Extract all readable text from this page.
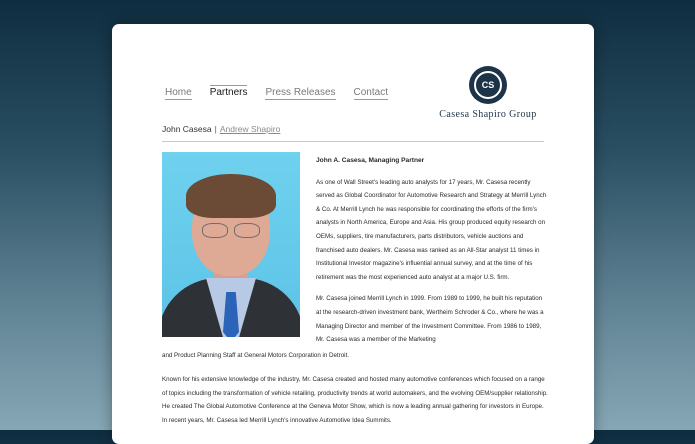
Home Partners Press Releases Contact
CS
Casesa Shapiro Group
John Casesa | Andrew Shapiro

John A. Casesa, Managing Partner

As one of Wall Street's leading auto analysts for 17 years, Mr. Casesa recently served as Global Coordinator for Automotive Research and Strategy at Merrill Lynch & Co. At Merrill Lynch he was responsible for coordinating the efforts of the firm's analysts in North America, Europe and Asia. His group produced equity research on OEMs, suppliers, tire manufacturers, parts distributors, vehicle auctions and franchised auto dealers. Mr. Casesa was ranked as an All-Star analyst 11 times in Institutional Investor magazine's influential annual survey, and at the time of his retirement was the most experienced auto analyst at a major U.S. firm.

Mr. Casesa joined Merrill Lynch in 1999. From 1989 to 1999, he built his reputation at the research-driven investment bank, Wertheim Schroder & Co., where he was a Managing Director and member of the Investment Committee. From 1986 to 1989, Mr. Casesa was a member of the Marketing

and Product Planning Staff at General Motors Corporation in Detroit.
Known for his extensive knowledge of the industry, Mr. Casesa created and hosted many automotive conferences which focused on a range of topics including the transformation of vehicle retailing, productivity trends at world automakers, and the evolving OEM/supplier relationship. He created The Global Automotive Conference at the Geneva Motor Show, which is now a leading annual gathering for investors in Europe. In recent years, Mr. Casesa led Merrill Lynch's innovative Automotive Idea Summits.
